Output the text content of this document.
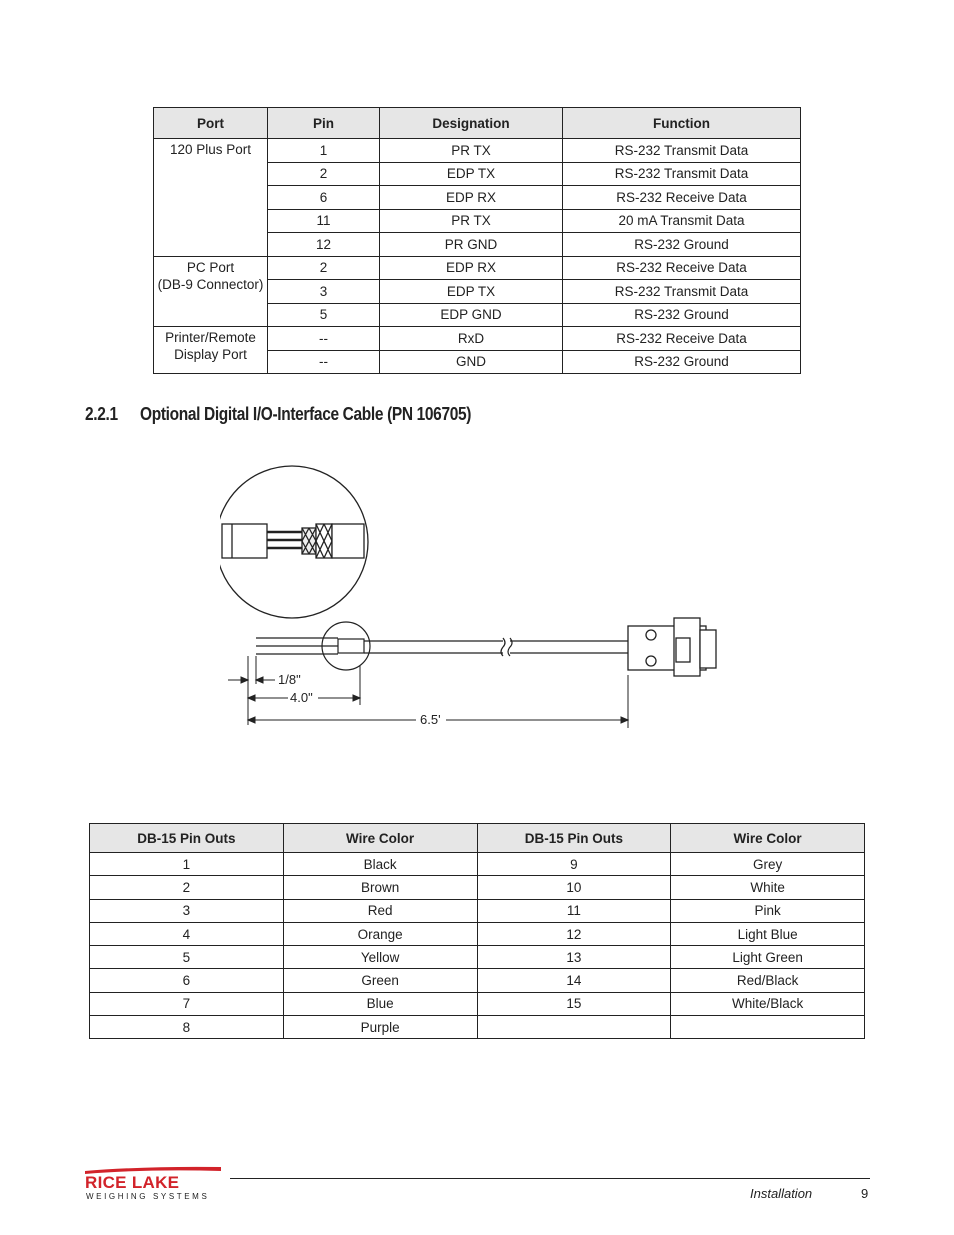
Port	Pin	Designation	Function
120 Plus Port	1	PR TX	RS-232 Transmit Data
	2	EDP TX	RS-232 Transmit Data
	6	EDP RX	RS-232 Receive Data
	11	PR TX	20 mA Transmit Data
	12	PR GND	RS-232 Ground
PC Port
(DB-9 Connector)	2	EDP RX	RS-232 Receive Data
	3	EDP TX	RS-232 Transmit Data
	5	EDP GND	RS-232 Ground
Printer/Remote
Display Port	--	RxD	RS-232 Receive Data
	--	GND	RS-232 Ground
2.2.1 Optional Digital I/O-Interface Cable (PN 106705)
1/8"
4.0"
6.5'
DB-15 Pin Outs	Wire Color	DB-15 Pin Outs	Wire Color
1	Black	9	Grey
2	Brown	10	White
3	Red	11	Pink
4	Orange	12	Light Blue
5	Yellow	13	Light Green
6	Green	14	Red/Black
7	Blue	15	White/Black
8	Purple		
RICE LAKE
WEIGHING SYSTEMS	Installation	9
